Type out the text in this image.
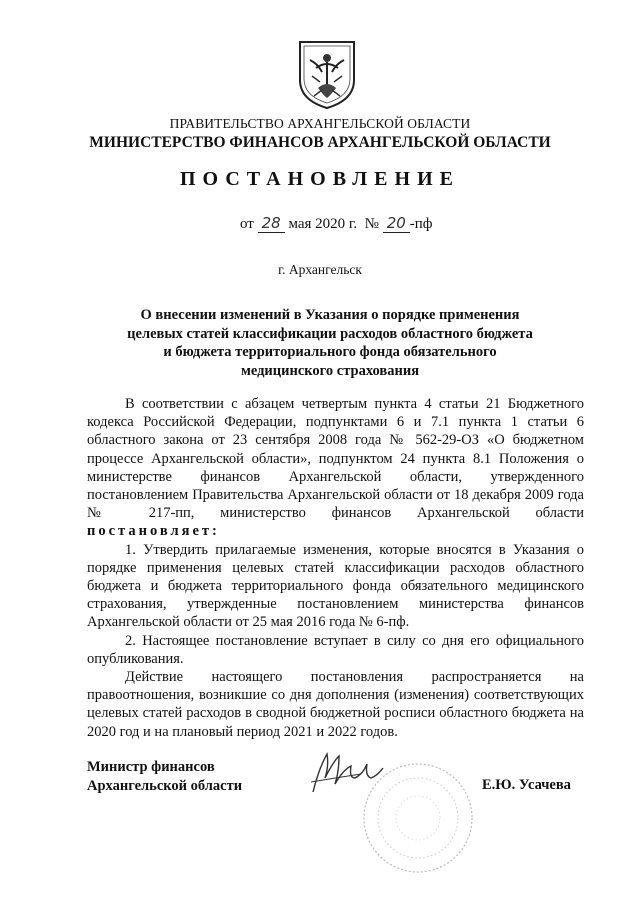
ПРАВИТЕЛЬСТВО АРХАНГЕЛЬСКОЙ ОБЛАСТИ
МИНИСТЕРСТВО ФИНАНСОВ АРХАНГЕЛЬСКОЙ ОБЛАСТИ
ПОСТАНОВЛЕНИЕ
от 28 мая 2020 г. № 20 -пф
г. Архангельск
О внесении изменений в Указания о порядке применения
целевых статей классификации расходов областного бюджета
и бюджета территориального фонда обязательного
медицинского страхования

В соответствии с абзацем четвертым пункта 4 статьи 21 Бюджетного кодекса Российской Федерации, подпунктами 6 и 7.1 пункта 1 статьи 6 областного закона от 23 сентября 2008 года № 562-29-ОЗ «О бюджетном процессе Архангельской области», подпунктом 24 пункта 8.1 Положения о министерстве финансов Архангельской области, утвержденного постановлением Правительства Архангельской области от 18 декабря 2009 года № 217-пп, министерство финансов Архангельской области постановляет:

1. Утвердить прилагаемые изменения, которые вносятся в Указания о порядке применения целевых статей классификации расходов областного бюджета и бюджета территориального фонда обязательного медицинского страхования, утвержденные постановлением министерства финансов Архангельской области от 25 мая 2016 года № 6-пф.

2. Настоящее постановление вступает в силу со дня его официального опубликования.

Действие настоящего постановления распространяется на правоотношения, возникшие со дня дополнения (изменения) соответствующих целевых статей расходов в сводной бюджетной росписи областного бюджета на 2020 год и на плановый период 2021 и 2022 годов.

Министр финансов
Архангельской области	Е.Ю. Усачева
